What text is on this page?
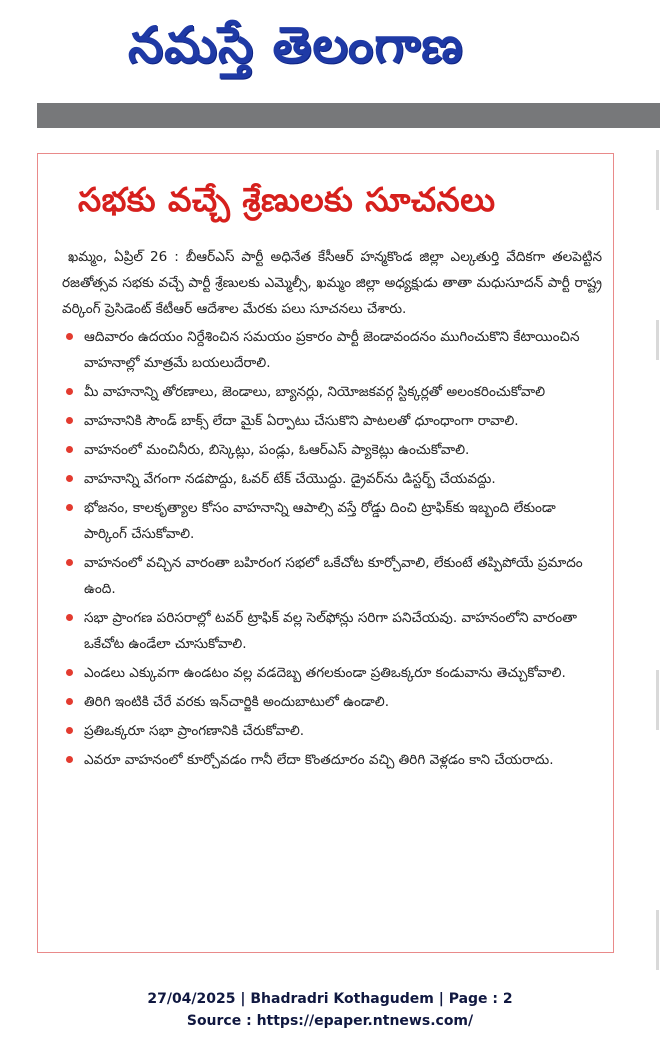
నమస్తే తెలంగాణ
సభకు వచ్చే శ్రేణులకు సూచనలు

ఖమ్మం, ఏప్రిల్ 26 : బీఆర్ఎస్ పార్టీ అధినేత కేసీఆర్ హన్మకొండ జిల్లా ఎల్కతుర్తి వేదికగా తలపెట్టిన రజతోత్సవ సభకు వచ్చే పార్టీ శ్రేణులకు ఎమ్మెల్సీ, ఖమ్మం జిల్లా అధ్యక్షుడు తాతా మధుసూదన్ పార్టీ రాష్ట్ర వర్కింగ్ ప్రెసిడెంట్ కేటీఆర్ ఆదేశాల మేరకు పలు సూచనలు చేశారు.

ఆదివారం ఉదయం నిర్దేశించిన సమయం ప్రకారం పార్టీ జెండావందనం ముగించుకొని కేటాయించిన వాహనాల్లో మాత్రమే బయలుదేరాలి.
మీ వాహనాన్ని తోరణాలు, జెండాలు, బ్యానర్లు, నియోజకవర్గ స్టిక్కర్లతో అలంకరించుకోవాలి
వాహనానికి సౌండ్ బాక్స్ లేదా మైక్ ఏర్పాటు చేసుకొని పాటలతో ధూంధాంగా రావాలి.
వాహనంలో మంచినీరు, బిస్కెట్లు, పండ్లు, ఓఆర్ఎస్ ప్యాకెట్లు ఉంచుకోవాలి.
వాహనాన్ని వేగంగా నడపొద్దు, ఓవర్ టేక్ చేయొద్దు. డ్రైవర్‌ను డిస్టర్బ్ చేయవద్దు.
భోజనం, కాలకృత్యాల కోసం వాహనాన్ని ఆపాల్సి వస్తే రోడ్డు దించి ట్రాఫిక్‌కు ఇబ్బంది లేకుండా పార్కింగ్ చేసుకోవాలి.
వాహనంలో వచ్చిన వారంతా బహిరంగ సభలో ఒకేచోట కూర్చోవాలి, లేకుంటే తప్పిపోయే ప్రమాదం ఉంది.
సభా ప్రాంగణ పరిసరాల్లో టవర్ ట్రాఫిక్ వల్ల సెల్‌ఫోన్లు సరిగా పనిచేయవు. వాహనంలోని వారంతా ఒకేచోట ఉండేలా చూసుకోవాలి.
ఎండలు ఎక్కువగా ఉండటం వల్ల వడదెబ్బ తగలకుండా ప్రతిఒక్కరూ కండువాను తెచ్చుకోవాలి.
తిరిగి ఇంటికి చేరే వరకు ఇన్‌చార్జికి అందుబాటులో ఉండాలి.
ప్రతిఒక్కరూ సభా ప్రాంగణానికి చేరుకోవాలి.
ఎవరూ వాహనంలో కూర్చోవడం గానీ లేదా కొంతదూరం వచ్చి తిరిగి వెళ్లడం కాని చేయరాదు.
27/04/2025 | Bhadradri Kothagudem | Page : 2
Source : https://epaper.ntnews.com/
